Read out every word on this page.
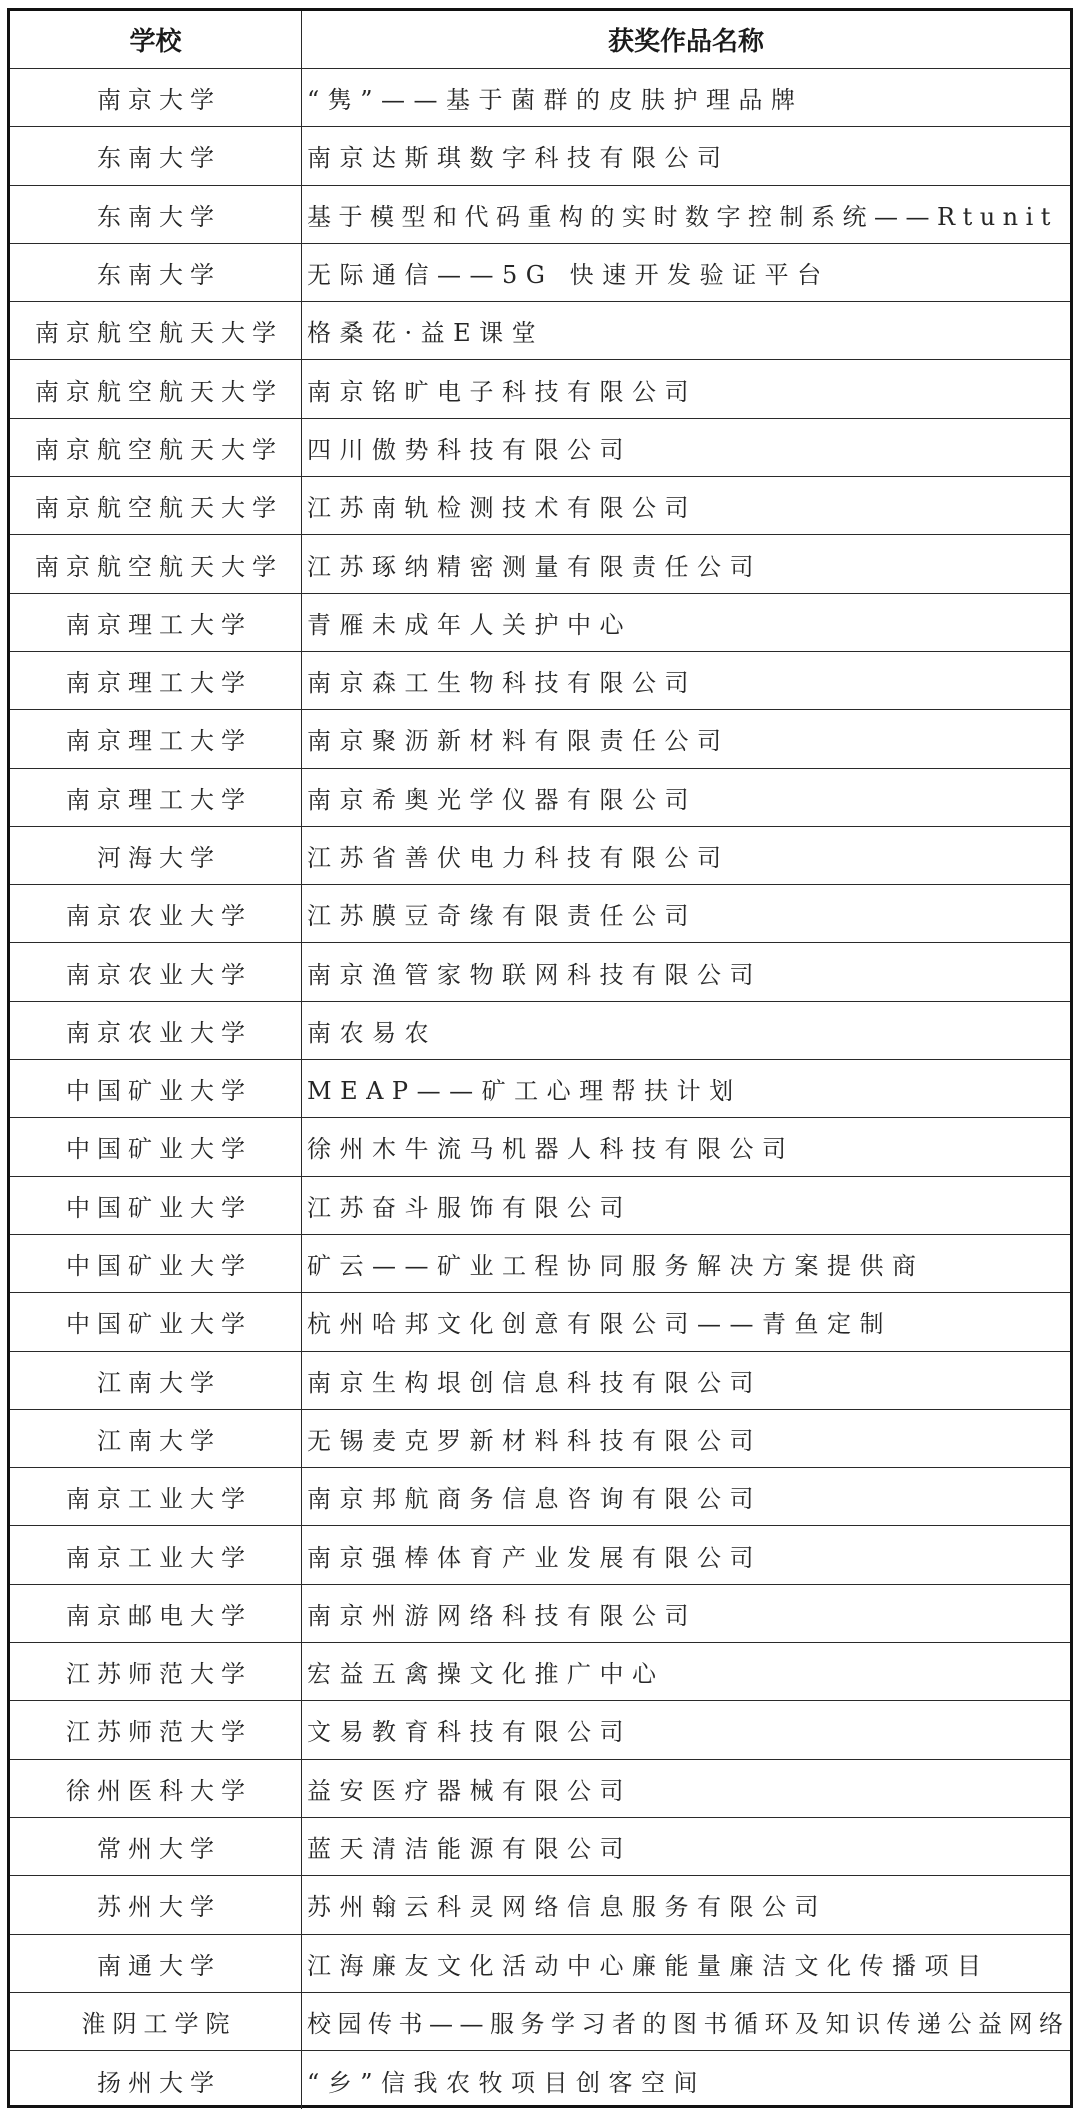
学校	获奖作品名称
南京大学	“隽”——基于菌群的皮肤护理品牌
东南大学	南京达斯琪数字科技有限公司
东南大学	基于模型和代码重构的实时数字控制系统——Rtunit
东南大学	无际通信——5G 快速开发验证平台
南京航空航天大学	格桑花·益E课堂
南京航空航天大学	南京铭旷电子科技有限公司
南京航空航天大学	四川傲势科技有限公司
南京航空航天大学	江苏南轨检测技术有限公司
南京航空航天大学	江苏琢纳精密测量有限责任公司
南京理工大学	青雁未成年人关护中心
南京理工大学	南京森工生物科技有限公司
南京理工大学	南京聚沥新材料有限责任公司
南京理工大学	南京希奥光学仪器有限公司
河海大学	江苏省善伏电力科技有限公司
南京农业大学	江苏膜豆奇缘有限责任公司
南京农业大学	南京渔管家物联网科技有限公司
南京农业大学	南农易农
中国矿业大学	MEAP——矿工心理帮扶计划
中国矿业大学	徐州木牛流马机器人科技有限公司
中国矿业大学	江苏奋斗服饰有限公司
中国矿业大学	矿云——矿业工程协同服务解决方案提供商
中国矿业大学	杭州哈邦文化创意有限公司——青鱼定制
江南大学	南京生构垠创信息科技有限公司
江南大学	无锡麦克罗新材料科技有限公司
南京工业大学	南京邦航商务信息咨询有限公司
南京工业大学	南京强棒体育产业发展有限公司
南京邮电大学	南京州游网络科技有限公司
江苏师范大学	宏益五禽操文化推广中心
江苏师范大学	文易教育科技有限公司
徐州医科大学	益安医疗器械有限公司
常州大学	蓝天清洁能源有限公司
苏州大学	苏州翰云科灵网络信息服务有限公司
南通大学	江海廉友文化活动中心廉能量廉洁文化传播项目
淮阴工学院	校园传书——服务学习者的图书循环及知识传递公益网络
扬州大学	“乡”信我农牧项目创客空间
